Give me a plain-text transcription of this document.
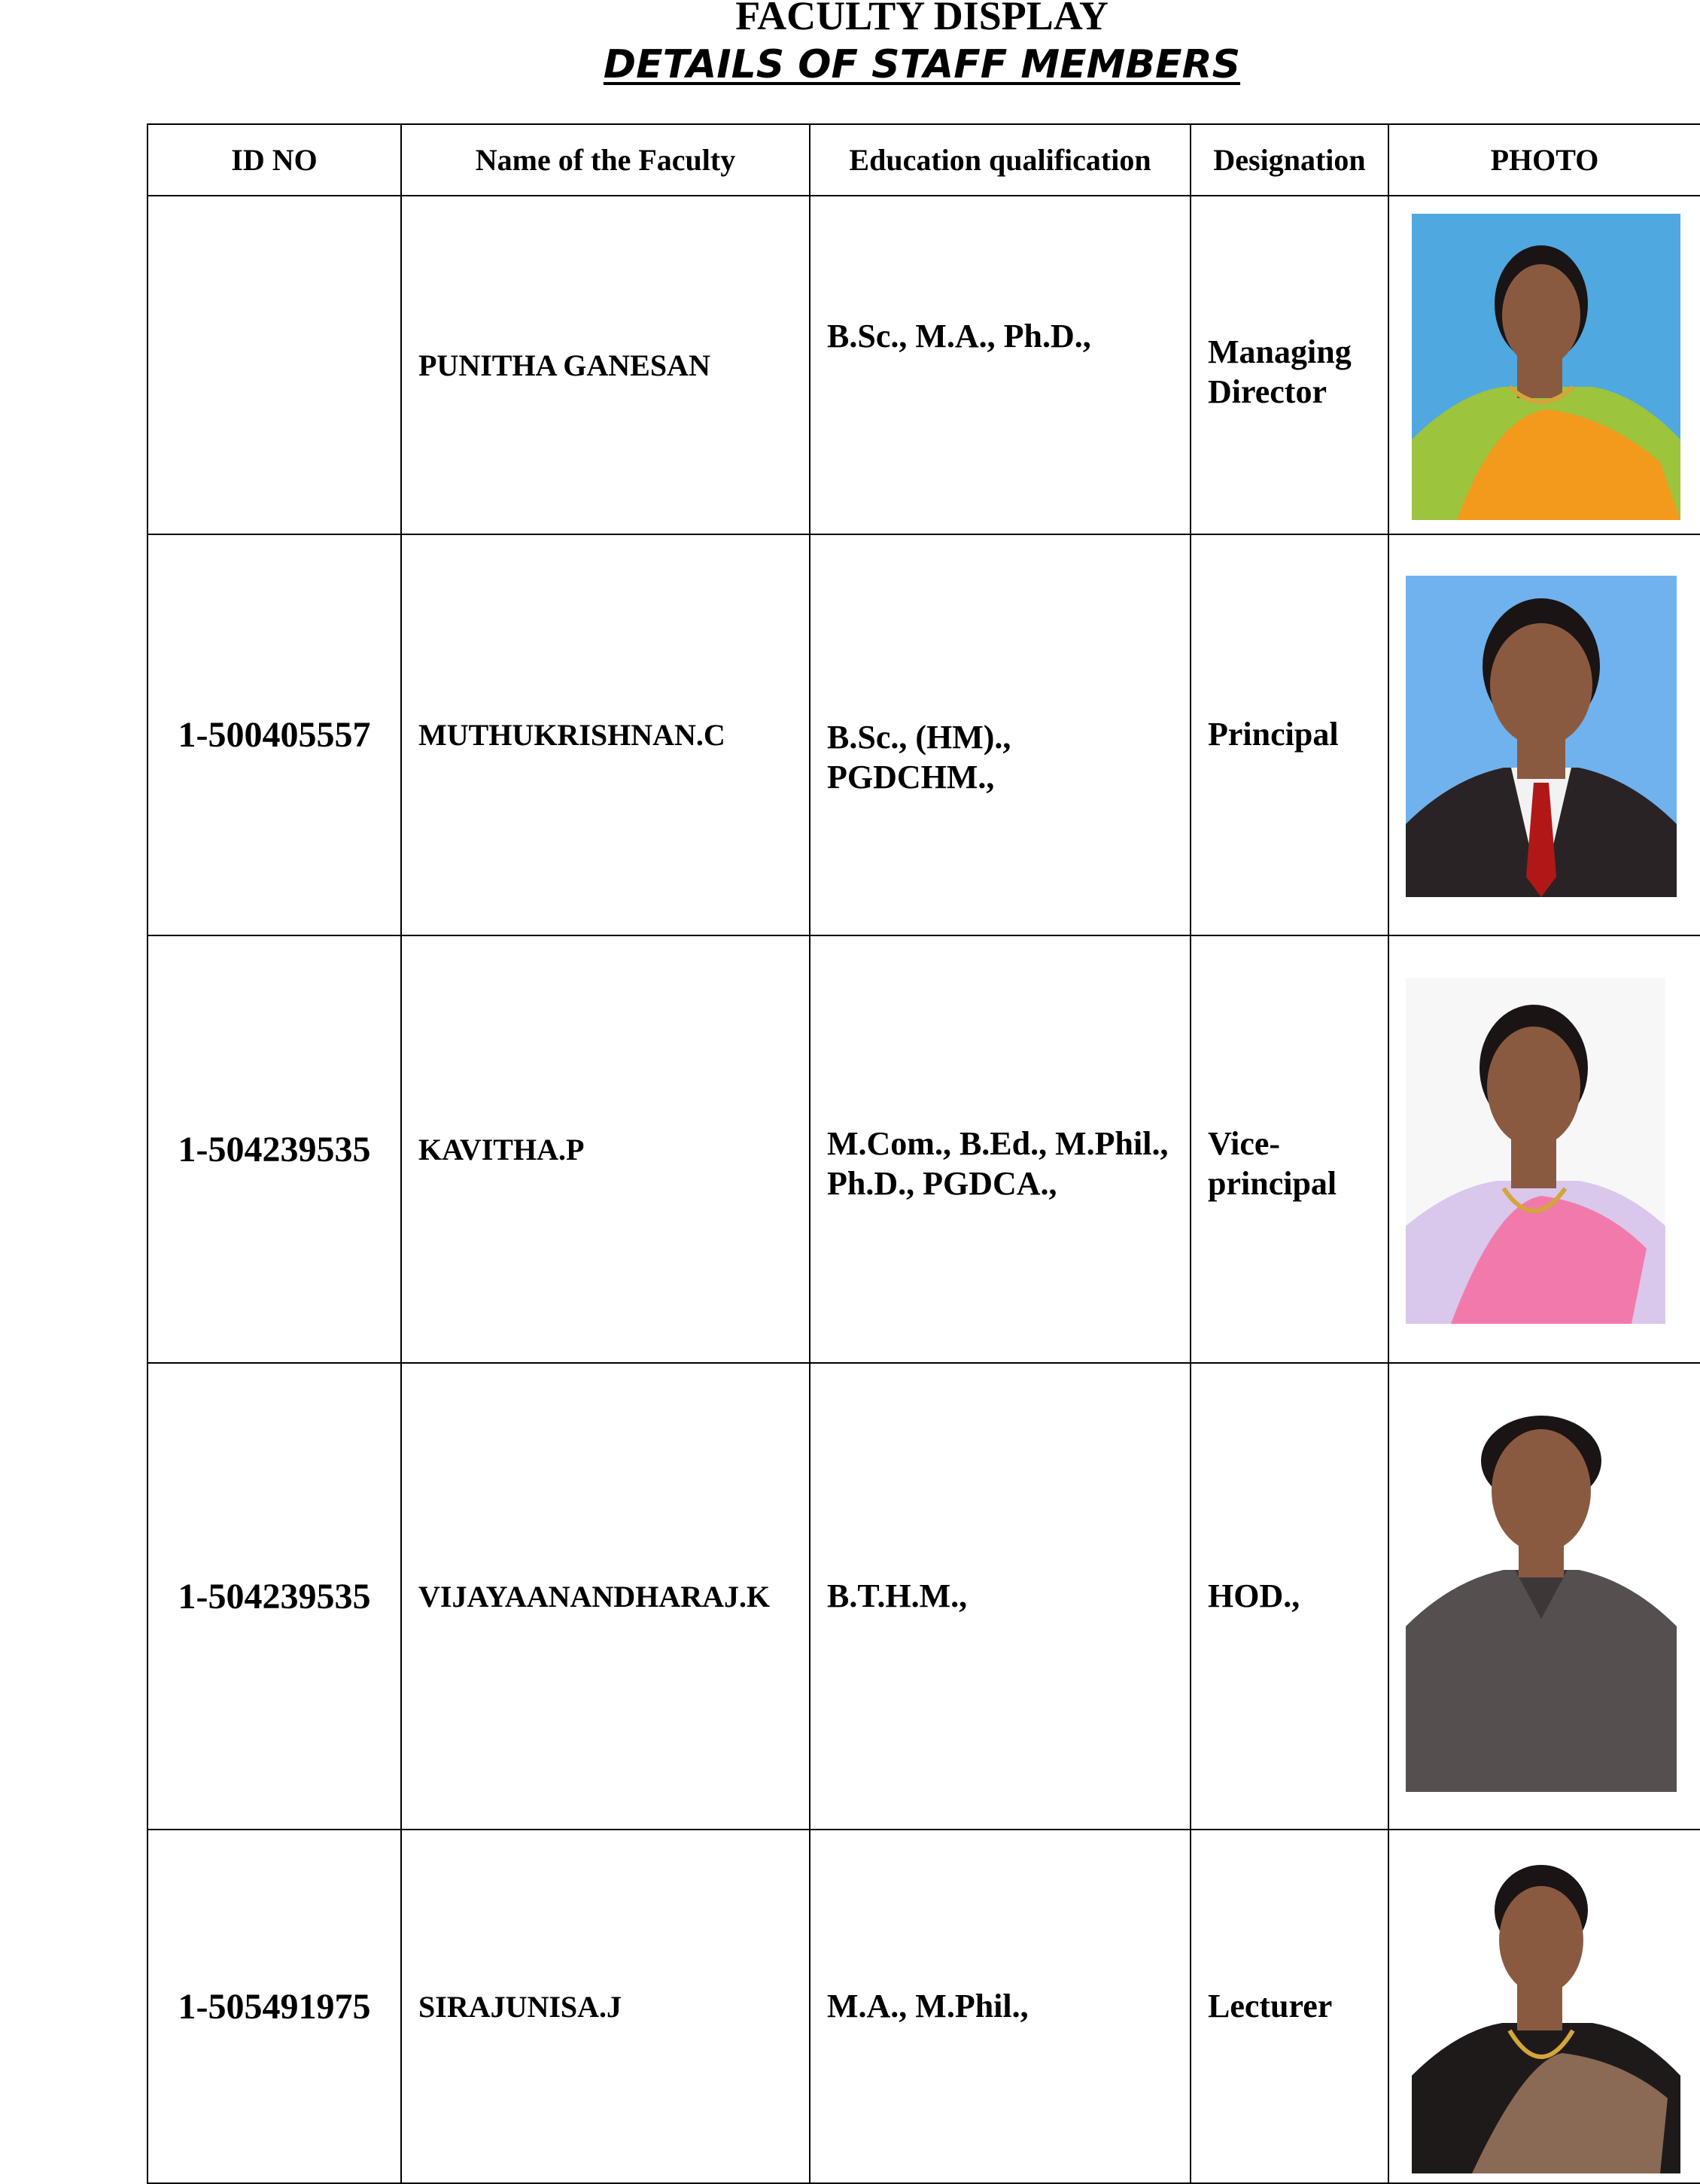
FACULTY DISPLAY
DETAILS OF STAFF MEMBERS
ID NO	Name of the Faculty	Education qualification	Designation	PHOTO
	PUNITHA GANESAN	B.Sc., M.A., Ph.D.,	Managing Director	

1-500405557	MUTHUKRISHNAN.C	B.Sc., (HM)., PGDCHM.,	Principal	

1-504239535	KAVITHA.P	M.Com., B.Ed., M.Phil., Ph.D., PGDCA.,	Vice-principal	

1-504239535	VIJAYAANANDHARAJ.K	B.T.H.M.,	HOD.,	

1-505491975	SIRAJUNISA.J	M.A., M.Phil.,	Lecturer	
